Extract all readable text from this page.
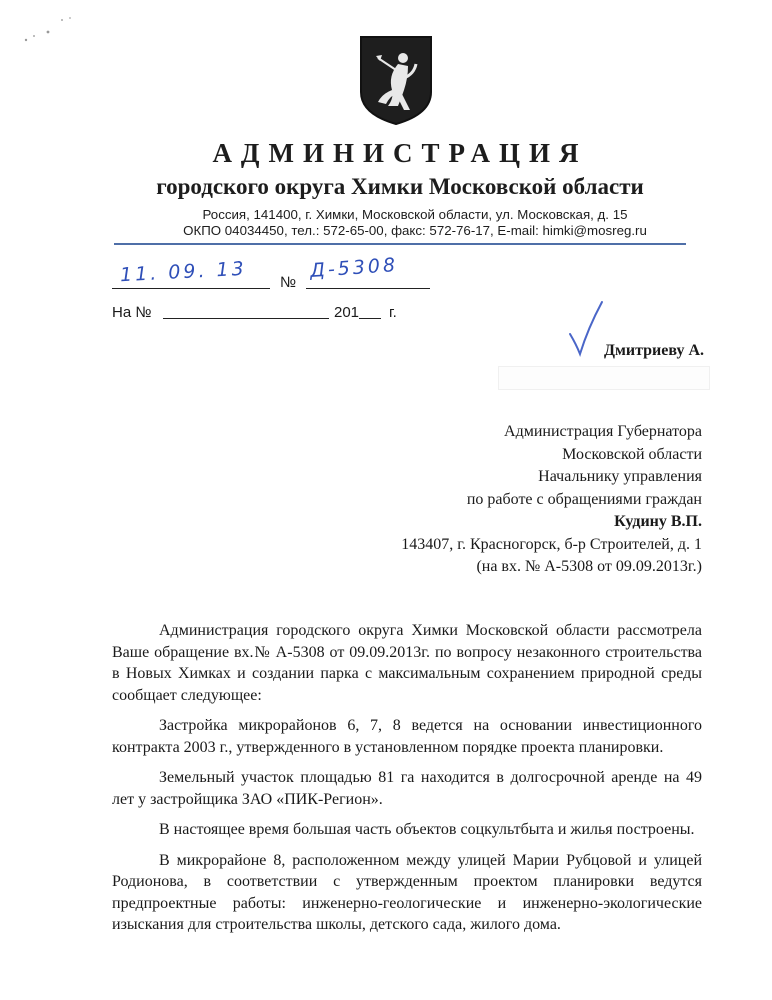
АДМИНИСТРАЦИЯ
городского округа Химки Московской области
Россия, 141400, г. Химки, Московской области, ул. Московская, д. 15
ОКПО 04034450, тел.: 572-65-00, факс: 572-76-17, E-mail: himki@mosreg.ru
11. 09. 13 №
Д-5308
На №	201 г.
Дмитриеву А.
Администрация Губернатора
Московской области
Начальнику управления
по работе с обращениями граждан
Кудину В.П.
143407, г. Красногорск, б-р Строителей, д. 1
(на вх. № А-5308 от 09.09.2013г.)

Администрация городского округа Химки Московской области рассмотрела Ваше обращение вх.№ А-5308 от 09.09.2013г. по вопросу незаконного строительства в Новых Химках и создании парка с максимальным сохранением природной среды сообщает следующее:

Застройка микрорайонов 6, 7, 8 ведется на основании инвестиционного контракта 2003 г., утвержденного в установленном порядке проекта планировки.

Земельный участок площадью 81 га находится в долгосрочной аренде на 49 лет у застройщика ЗАО «ПИК-Регион».

В настоящее время большая часть объектов соцкультбыта и жилья построены.

В микрорайоне 8, расположенном между улицей Марии Рубцовой и улицей Родионова, в соответствии с утвержденным проектом планировки ведутся предпроектные работы: инженерно-геологические и инженерно-экологические изыскания для строительства школы, детского сада, жилого дома.
